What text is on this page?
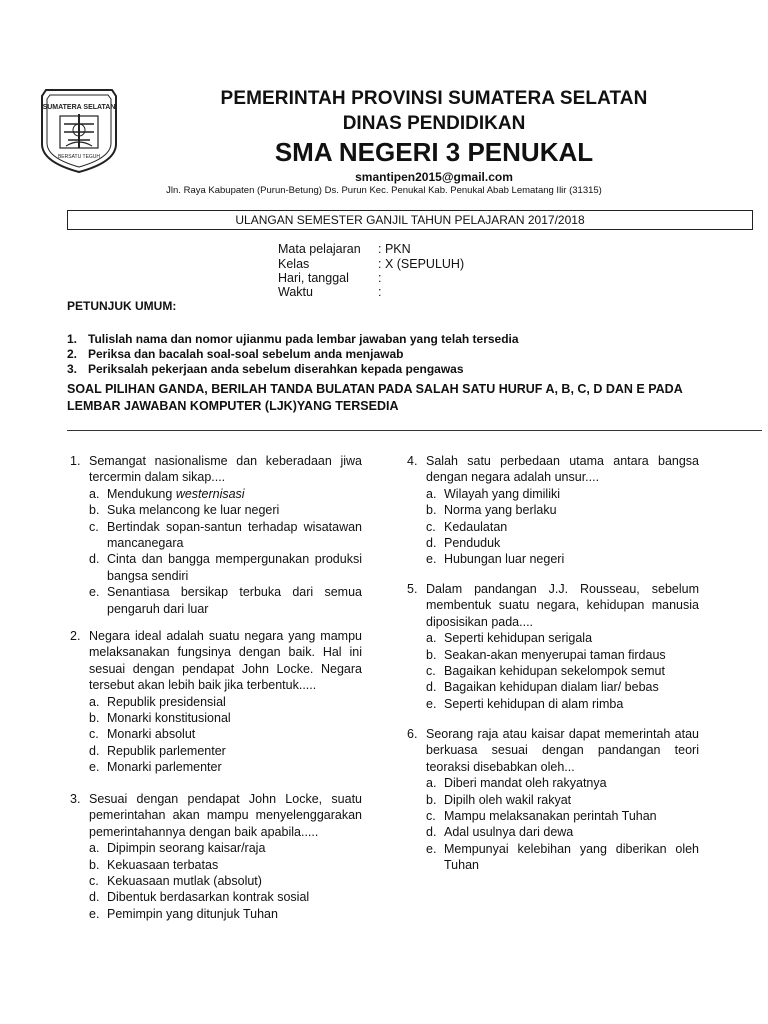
SUMATERA SELATAN
BERSATU TEGUH
PEMERINTAH PROVINSI SUMATERA SELATAN
DINAS PENDIDIKAN
SMA NEGERI 3 PENUKAL
smantipen2015@gmail.com
Jln. Raya Kabupaten (Purun-Betung) Ds. Purun Kec. Penukal Kab. Penukal Abab Lematang Ilir (31315)
ULANGAN SEMESTER GANJIL TAHUN PELAJARAN 2017/2018
Mata pelajaran : PKN
Kelas	: X (SEPULUH)
Hari, tanggal :
Waktu	:
PETUNJUK UMUM:
1. Tulislah nama dan nomor ujianmu pada lembar jawaban yang telah tersedia
2. Periksa dan bacalah soal-soal sebelum anda menjawab
3. Periksalah pekerjaan anda sebelum diserahkan kepada pengawas
SOAL PILIHAN GANDA, BERILAH TANDA BULATAN PADA SALAH SATU HURUF A, B, C, D DAN E PADA LEMBAR JAWABAN KOMPUTER (LJK)YANG TERSEDIA
1. Semangat nasionalisme dan keberadaan jiwa tercermin dalam sikap....
a. Mendukung westernisasi
b. Suka melancong ke luar negeri
c. Bertindak sopan-santun terhadap wisatawan mancanegara
d. Cinta dan bangga mempergunakan produksi bangsa sendiri
e. Senantiasa bersikap terbuka dari semua pengaruh dari luar
2. Negara ideal adalah suatu negara yang mampu melaksanakan fungsinya dengan baik. Hal ini sesuai dengan pendapat John Locke. Negara tersebut akan lebih baik jika terbentuk.....
a. Republik presidensial
b. Monarki konstitusional
c. Monarki absolut
d. Republik parlementer
e. Monarki parlementer
3. Sesuai dengan pendapat John Locke, suatu pemerintahan akan mampu menyelenggarakan pemerintahannya dengan baik apabila.....
a. Dipimpin seorang kaisar/raja
b. Kekuasaan terbatas
c. Kekuasaan mutlak (absolut)
d. Dibentuk berdasarkan kontrak sosial
e. Pemimpin yang ditunjuk Tuhan
4. Salah satu perbedaan utama antara bangsa dengan negara adalah unsur....
a. Wilayah yang dimiliki
b. Norma yang berlaku
c. Kedaulatan
d. Penduduk
e. Hubungan luar negeri
5. Dalam pandangan J.J. Rousseau, sebelum membentuk suatu negara, kehidupan manusia diposisikan pada....
a. Seperti kehidupan serigala
b. Seakan-akan menyerupai taman firdaus
c. Bagaikan kehidupan sekelompok semut
d. Bagaikan kehidupan dialam liar/ bebas
e. Seperti kehidupan di alam rimba
6. Seorang raja atau kaisar dapat memerintah atau berkuasa sesuai dengan pandangan teori teoraksi disebabkan oleh...
a. Diberi mandat oleh rakyatnya
b. Dipilh oleh wakil rakyat
c. Mampu melaksanakan perintah Tuhan
d. Adal usulnya dari dewa
e. Mempunyai kelebihan yang diberikan oleh Tuhan
